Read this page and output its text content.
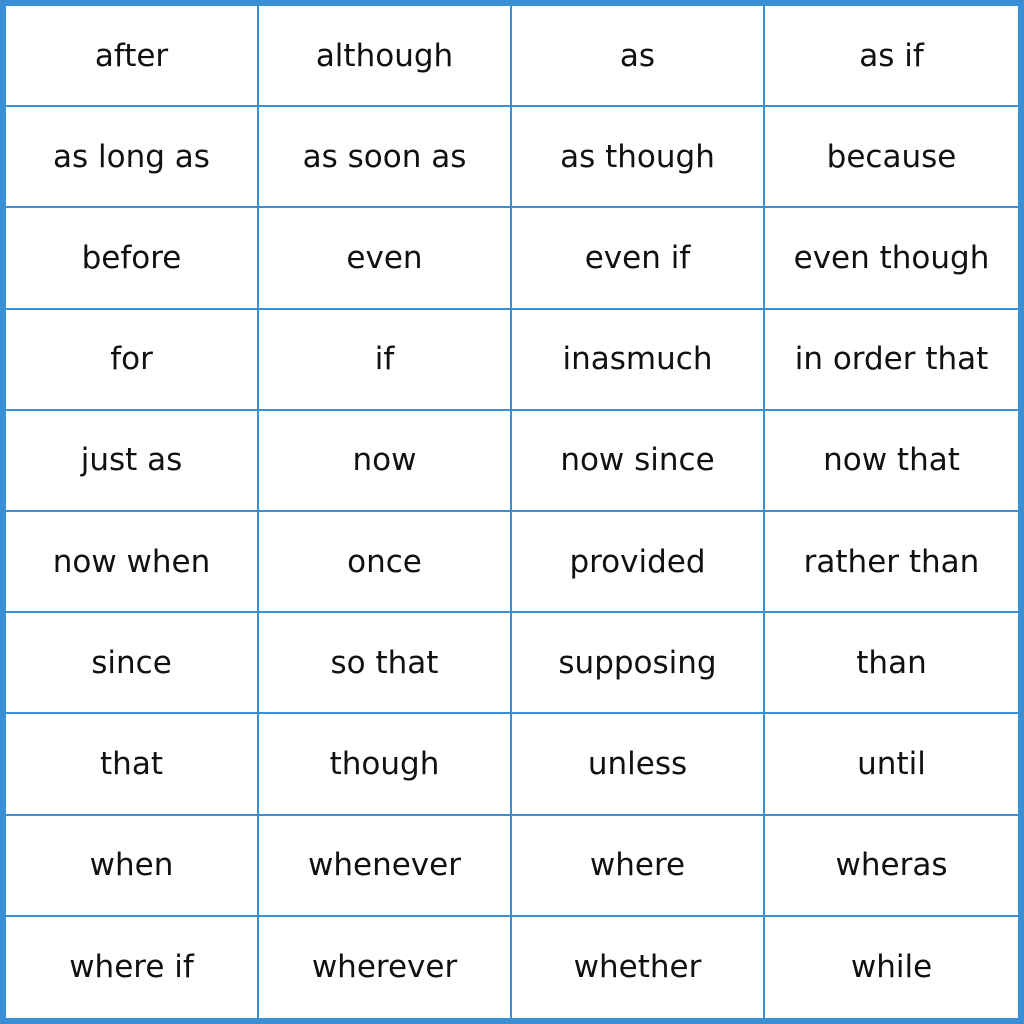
after	although	as	as if
as long as	as soon as	as though	because
before	even	even if	even though
for	if	inasmuch	in order that
just as	now	now since	now that
now when	once	provided	rather than
since	so that	supposing	than
that	though	unless	until
when	whenever	where	wheras
where if	wherever	whether	while
